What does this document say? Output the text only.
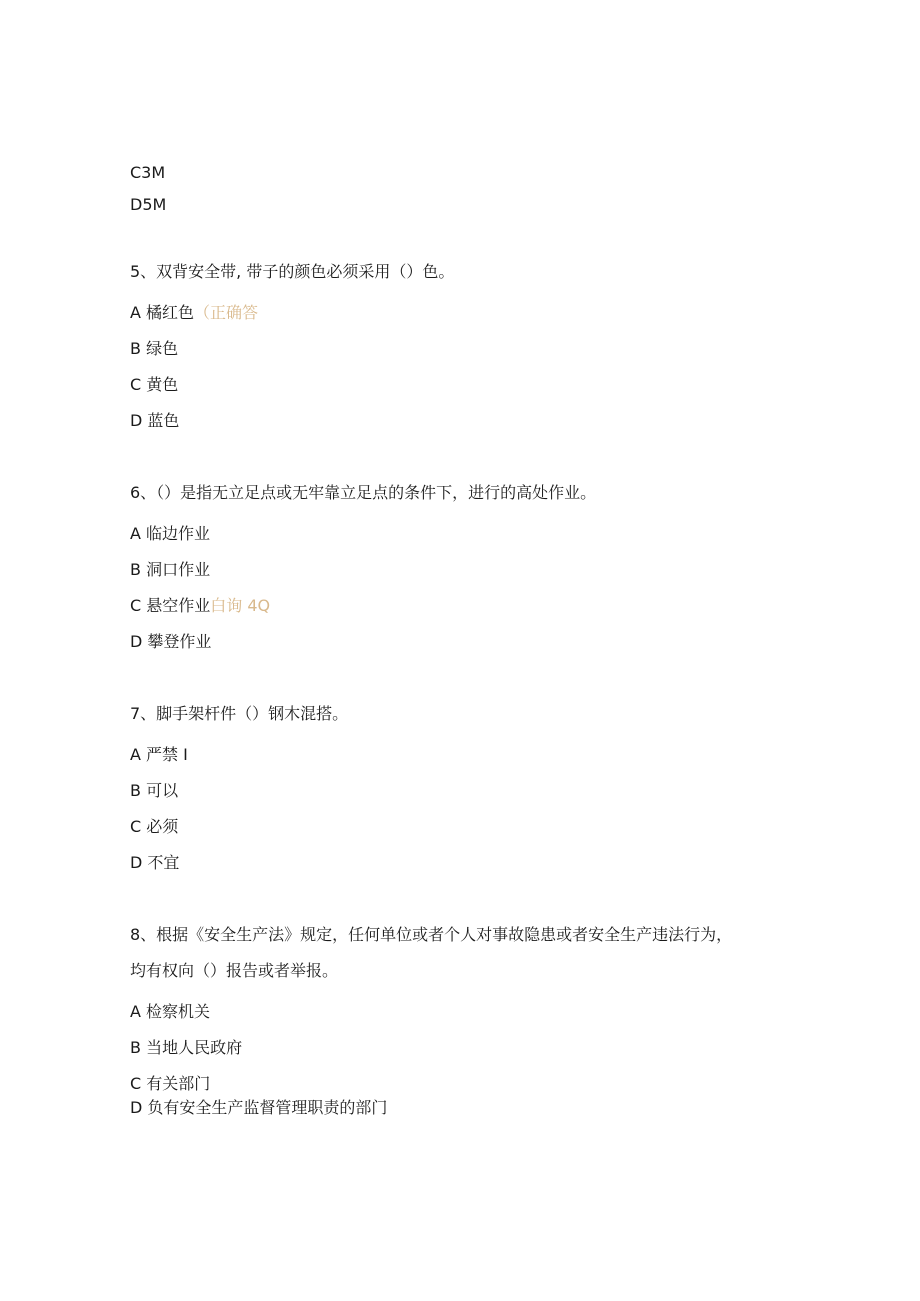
C3M
D5M
5、双背安全带, 带子的颜色必须采用（）色。
A 橘红色（正确答
B 绿色
C 黄色
D 蓝色
6、（）是指无立足点或无牢靠立足点的条件下，进行的高处作业。
A 临边作业
B 洞口作业
C 悬空作业白询 4Q
D 攀登作业
7、脚手架杆件（）钢木混搭。
A 严禁 I
B 可以
C 必须
D 不宜
8、根据《安全生产法》规定，任何单位或者个人对事故隐患或者安全生产违法行为，
均有权向（）报告或者举报。
A 检察机关
B 当地人民政府
C 有关部门
D 负有安全生产监督管理职责的部门
